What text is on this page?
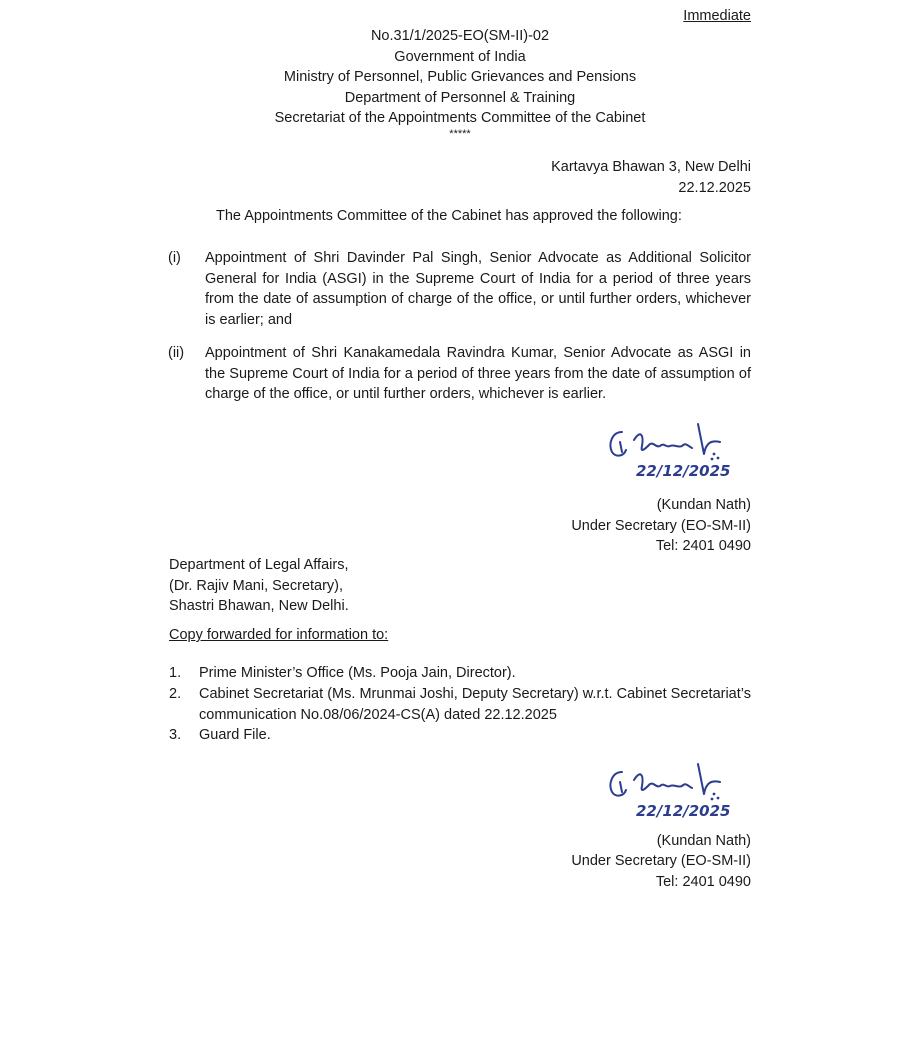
Immediate
No.31/1/2025-EO(SM-II)-02
Government of India
Ministry of Personnel, Public Grievances and Pensions
Department of Personnel & Training
Secretariat of the Appointments Committee of the Cabinet
*****
Kartavya Bhawan 3, New Delhi
22.12.2025
The Appointments Committee of the Cabinet has approved the following:
(i) Appointment of Shri Davinder Pal Singh, Senior Advocate as Additional Solicitor General for India (ASGI) in the Supreme Court of India for a period of three years from the date of assumption of charge of the office, or until further orders, whichever is earlier; and
(ii) Appointment of Shri Kanakamedala Ravindra Kumar, Senior Advocate as ASGI in the Supreme Court of India for a period of three years from the date of assumption of charge of the office, or until further orders, whichever is earlier.
22/12/2025
(Kundan Nath)
Under Secretary (EO-SM-II)
Tel: 2401 0490
Department of Legal Affairs,
(Dr. Rajiv Mani, Secretary),
Shastri Bhawan, New Delhi.
Copy forwarded for information to:
1. Prime Minister’s Office (Ms. Pooja Jain, Director).
2. Cabinet Secretariat (Ms. Mrunmai Joshi, Deputy Secretary) w.r.t. Cabinet Secretariat’s communication No.08/06/2024-CS(A) dated 22.12.2025
3. Guard File.
22/12/2025
(Kundan Nath)
Under Secretary (EO-SM-II)
Tel: 2401 0490
